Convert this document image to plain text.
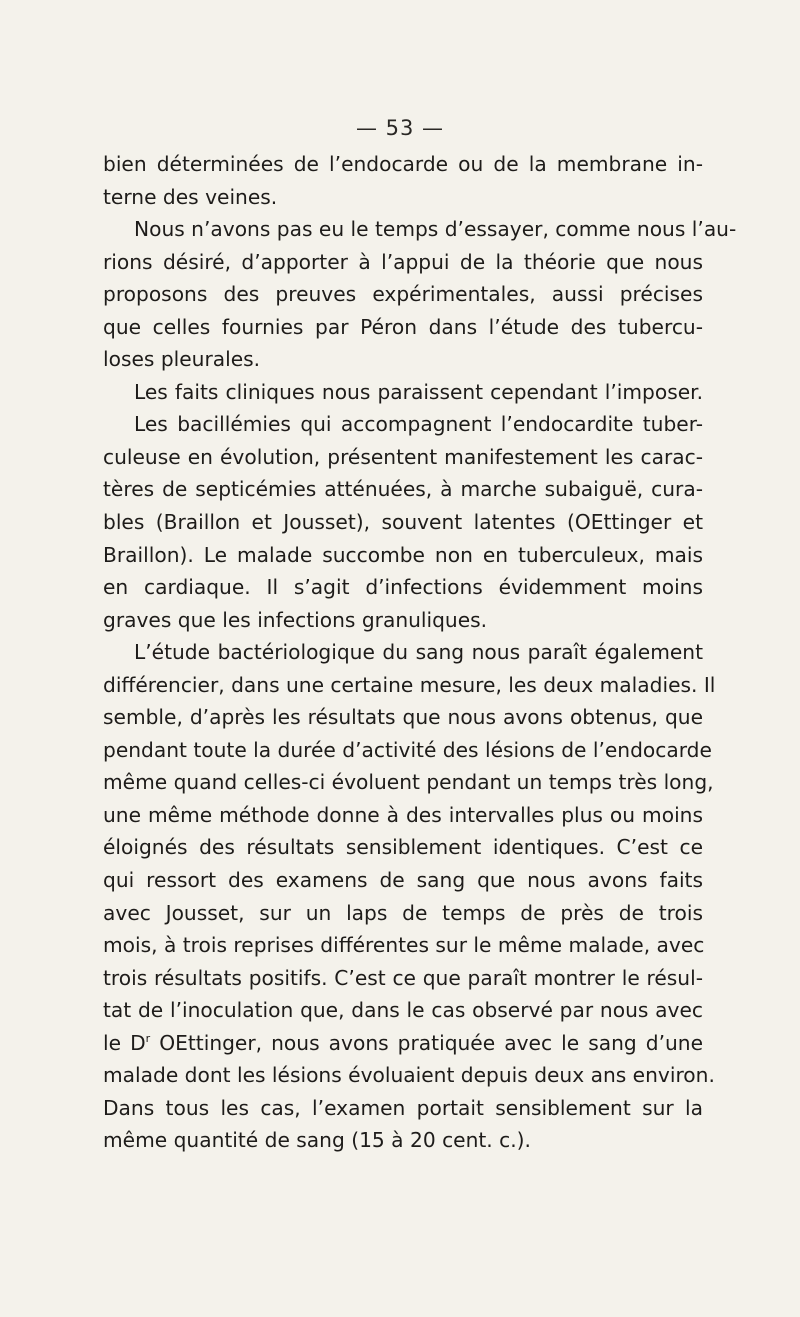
— 53 —
bien déterminées de l’endocarde ou de la membrane in-
terne des veines.
Nous n’avons pas eu le temps d’essayer, comme nous l’au-
rions désiré, d’apporter à l’appui de la théorie que nous
proposons des preuves expérimentales, aussi précises
que celles fournies par Péron dans l’étude des tubercu-
loses pleurales.
Les faits cliniques nous paraissent cependant l’imposer.
Les bacillémies qui accompagnent l’endocardite tuber-
culeuse en évolution, présentent manifestement les carac-
tères de septicémies atténuées, à marche subaiguë, cura-
bles (Braillon et Jousset), souvent latentes (OEttinger et
Braillon). Le malade succombe non en tuberculeux, mais
en cardiaque. Il s’agit d’infections évidemment moins
graves que les infections granuliques.
L’étude bactériologique du sang nous paraît également
différencier, dans une certaine mesure, les deux maladies. Il
semble, d’après les résultats que nous avons obtenus, que
pendant toute la durée d’activité des lésions de l’endocarde
même quand celles-ci évoluent pendant un temps très long,
une même méthode donne à des intervalles plus ou moins
éloignés des résultats sensiblement identiques. C’est ce
qui ressort des examens de sang que nous avons faits
avec Jousset, sur un laps de temps de près de trois
mois, à trois reprises différentes sur le même malade, avec
trois résultats positifs. C’est ce que paraît montrer le résul-
tat de l’inoculation que, dans le cas observé par nous avec
le $D^r$ OEttinger, nous avons pratiquée avec le sang d’une
malade dont les lésions évoluaient depuis deux ans environ.
Dans tous les cas, l’examen portait sensiblement sur la
même quantité de sang (15 à 20 cent. c.).
